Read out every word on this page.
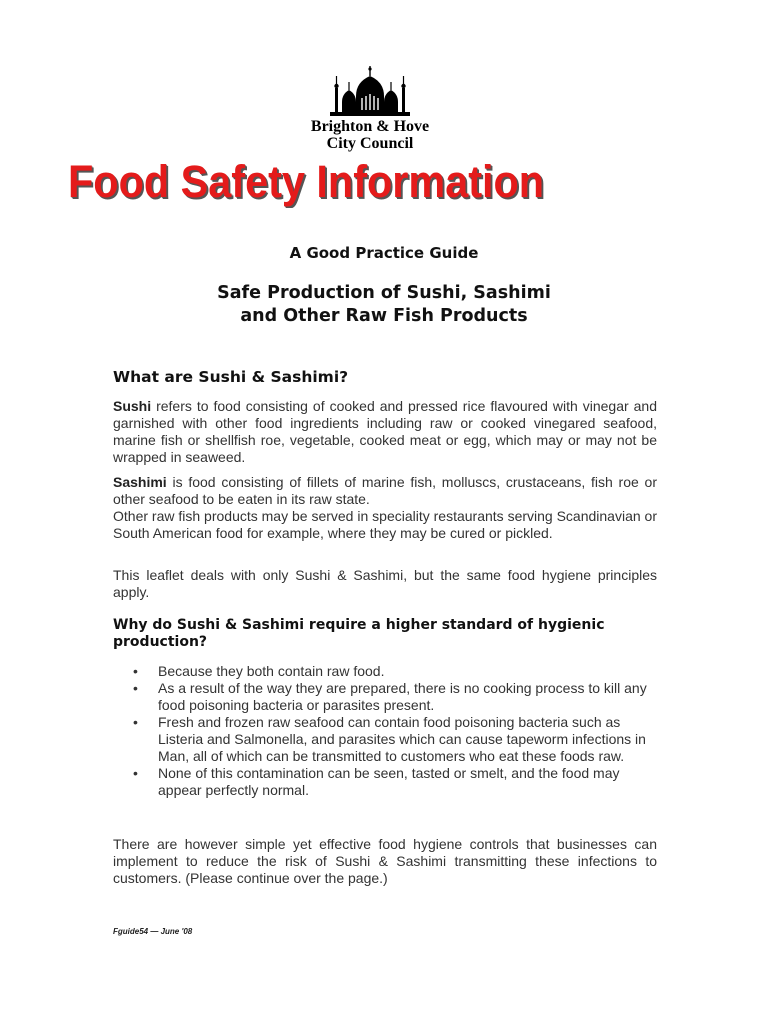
Brighton & Hove
City Council
Food Safety Information
A Good Practice Guide
Safe Production of Sushi, Sashimi
and Other Raw Fish Products
What are Sushi & Sashimi?
Sushi refers to food consisting of cooked and pressed rice flavoured with vinegar and garnished with other food ingredients including raw or cooked vinegared seafood, marine fish or shellfish roe, vegetable, cooked meat or egg, which may or may not be wrapped in seaweed.
Sashimi is food consisting of fillets of marine fish, molluscs, crustaceans, fish roe or other seafood to be eaten in its raw state.
Other raw fish products may be served in speciality restaurants serving Scandinavian or South American food for example, where they may be cured or pickled.
This leaflet deals with only Sushi & Sashimi, but the same food hygiene principles apply.
Why do Sushi & Sashimi require a higher standard of hygienic production?
• Because they both contain raw food.
• As a result of the way they are prepared, there is no cooking process to kill any food poisoning bacteria or parasites present.
• Fresh and frozen raw seafood can contain food poisoning bacteria such as Listeria and Salmonella, and parasites which can cause tapeworm infections in Man, all of which can be transmitted to customers who eat these foods raw.
• None of this contamination can be seen, tasted or smelt, and the food may appear perfectly normal.
There are however simple yet effective food hygiene controls that businesses can implement to reduce the risk of Sushi & Sashimi transmitting these infections to customers. (Please continue over the page.)
Fguide54 — June '08
